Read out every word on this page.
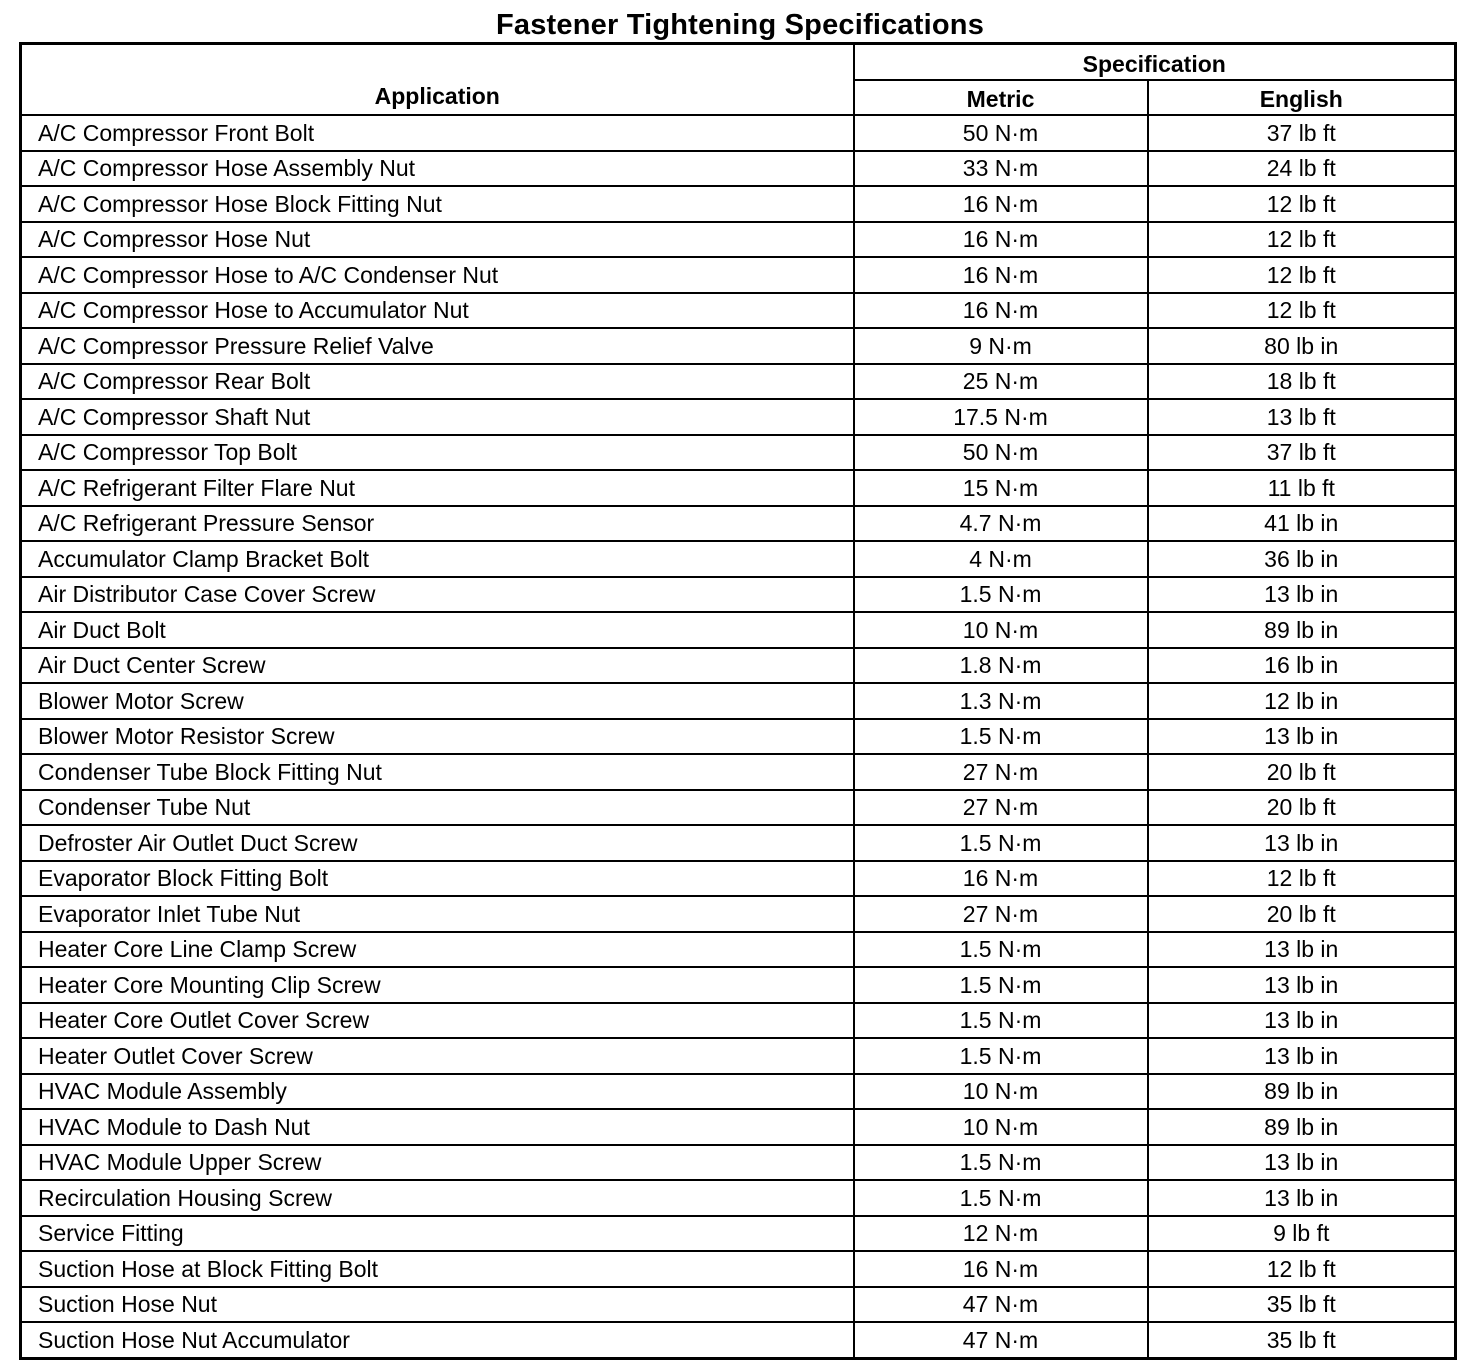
Fastener Tightening Specifications
Application	Specification	
	Metric	English
A/C Compressor Front Bolt	50 N·m	37 lb ft
A/C Compressor Hose Assembly Nut	33 N·m	24 lb ft
A/C Compressor Hose Block Fitting Nut	16 N·m	12 lb ft
A/C Compressor Hose Nut	16 N·m	12 lb ft
A/C Compressor Hose to A/C Condenser Nut	16 N·m	12 lb ft
A/C Compressor Hose to Accumulator Nut	16 N·m	12 lb ft
A/C Compressor Pressure Relief Valve	9 N·m	80 lb in
A/C Compressor Rear Bolt	25 N·m	18 lb ft
A/C Compressor Shaft Nut	17.5 N·m	13 lb ft
A/C Compressor Top Bolt	50 N·m	37 lb ft
A/C Refrigerant Filter Flare Nut	15 N·m	11 lb ft
A/C Refrigerant Pressure Sensor	4.7 N·m	41 lb in
Accumulator Clamp Bracket Bolt	4 N·m	36 lb in
Air Distributor Case Cover Screw	1.5 N·m	13 lb in
Air Duct Bolt	10 N·m	89 lb in
Air Duct Center Screw	1.8 N·m	16 lb in
Blower Motor Screw	1.3 N·m	12 lb in
Blower Motor Resistor Screw	1.5 N·m	13 lb in
Condenser Tube Block Fitting Nut	27 N·m	20 lb ft
Condenser Tube Nut	27 N·m	20 lb ft
Defroster Air Outlet Duct Screw	1.5 N·m	13 lb in
Evaporator Block Fitting Bolt	16 N·m	12 lb ft
Evaporator Inlet Tube Nut	27 N·m	20 lb ft
Heater Core Line Clamp Screw	1.5 N·m	13 lb in
Heater Core Mounting Clip Screw	1.5 N·m	13 lb in
Heater Core Outlet Cover Screw	1.5 N·m	13 lb in
Heater Outlet Cover Screw	1.5 N·m	13 lb in
HVAC Module Assembly	10 N·m	89 lb in
HVAC Module to Dash Nut	10 N·m	89 lb in
HVAC Module Upper Screw	1.5 N·m	13 lb in
Recirculation Housing Screw	1.5 N·m	13 lb in
Service Fitting	12 N·m	9 lb ft
Suction Hose at Block Fitting Bolt	16 N·m	12 lb ft
Suction Hose Nut	47 N·m	35 lb ft
Suction Hose Nut Accumulator	47 N·m	35 lb ft
